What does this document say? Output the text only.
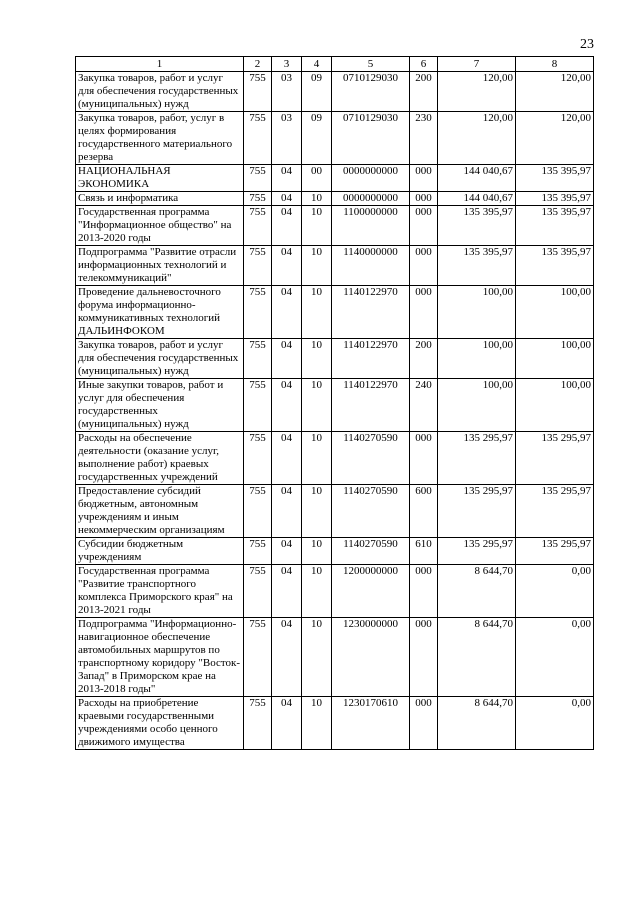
23
1	2	3	4	5	6	7	8
Закупка товаров, работ и услуг для обеспечения государственных (муниципальных) нужд	755	03	09	0710129030	200	120,00	120,00
Закупка товаров, работ, услуг в целях формирования государственного материального резерва	755	03	09	0710129030	230	120,00	120,00
НАЦИОНАЛЬНАЯ ЭКОНОМИКА	755	04	00	0000000000	000	144 040,67	135 395,97
Связь и информатика	755	04	10	0000000000	000	144 040,67	135 395,97
Государственная программа "Информационное общество" на 2013-2020 годы	755	04	10	1100000000	000	135 395,97	135 395,97
Подпрограмма "Развитие отрасли информационных технологий и телекоммуникаций"	755	04	10	1140000000	000	135 395,97	135 395,97
Проведение дальневосточного форума информационно-коммуникативных технологий ДАЛЬИНФОКОМ	755	04	10	1140122970	000	100,00	100,00
Закупка товаров, работ и услуг для обеспечения государственных (муниципальных) нужд	755	04	10	1140122970	200	100,00	100,00
Иные закупки товаров, работ и услуг для обеспечения государственных (муниципальных) нужд	755	04	10	1140122970	240	100,00	100,00
Расходы на обеспечение деятельности (оказание услуг, выполнение работ) краевых государственных учреждений	755	04	10	1140270590	000	135 295,97	135 295,97
Предоставление субсидий бюджетным, автономным учреждениям и иным некоммерческим организациям	755	04	10	1140270590	600	135 295,97	135 295,97
Субсидии бюджетным учреждениям	755	04	10	1140270590	610	135 295,97	135 295,97
Государственная программа "Развитие транспортного комплекса Приморского края" на 2013-2021 годы	755	04	10	1200000000	000	8 644,70	0,00
Подпрограмма "Информационно-навигационное обеспечение автомобильных маршрутов по транспортному коридору "Восток-Запад" в Приморском крае на 2013-2018 годы"	755	04	10	1230000000	000	8 644,70	0,00
Расходы на приобретение краевыми государственными учреждениями особо ценного движимого имущества	755	04	10	1230170610	000	8 644,70	0,00
